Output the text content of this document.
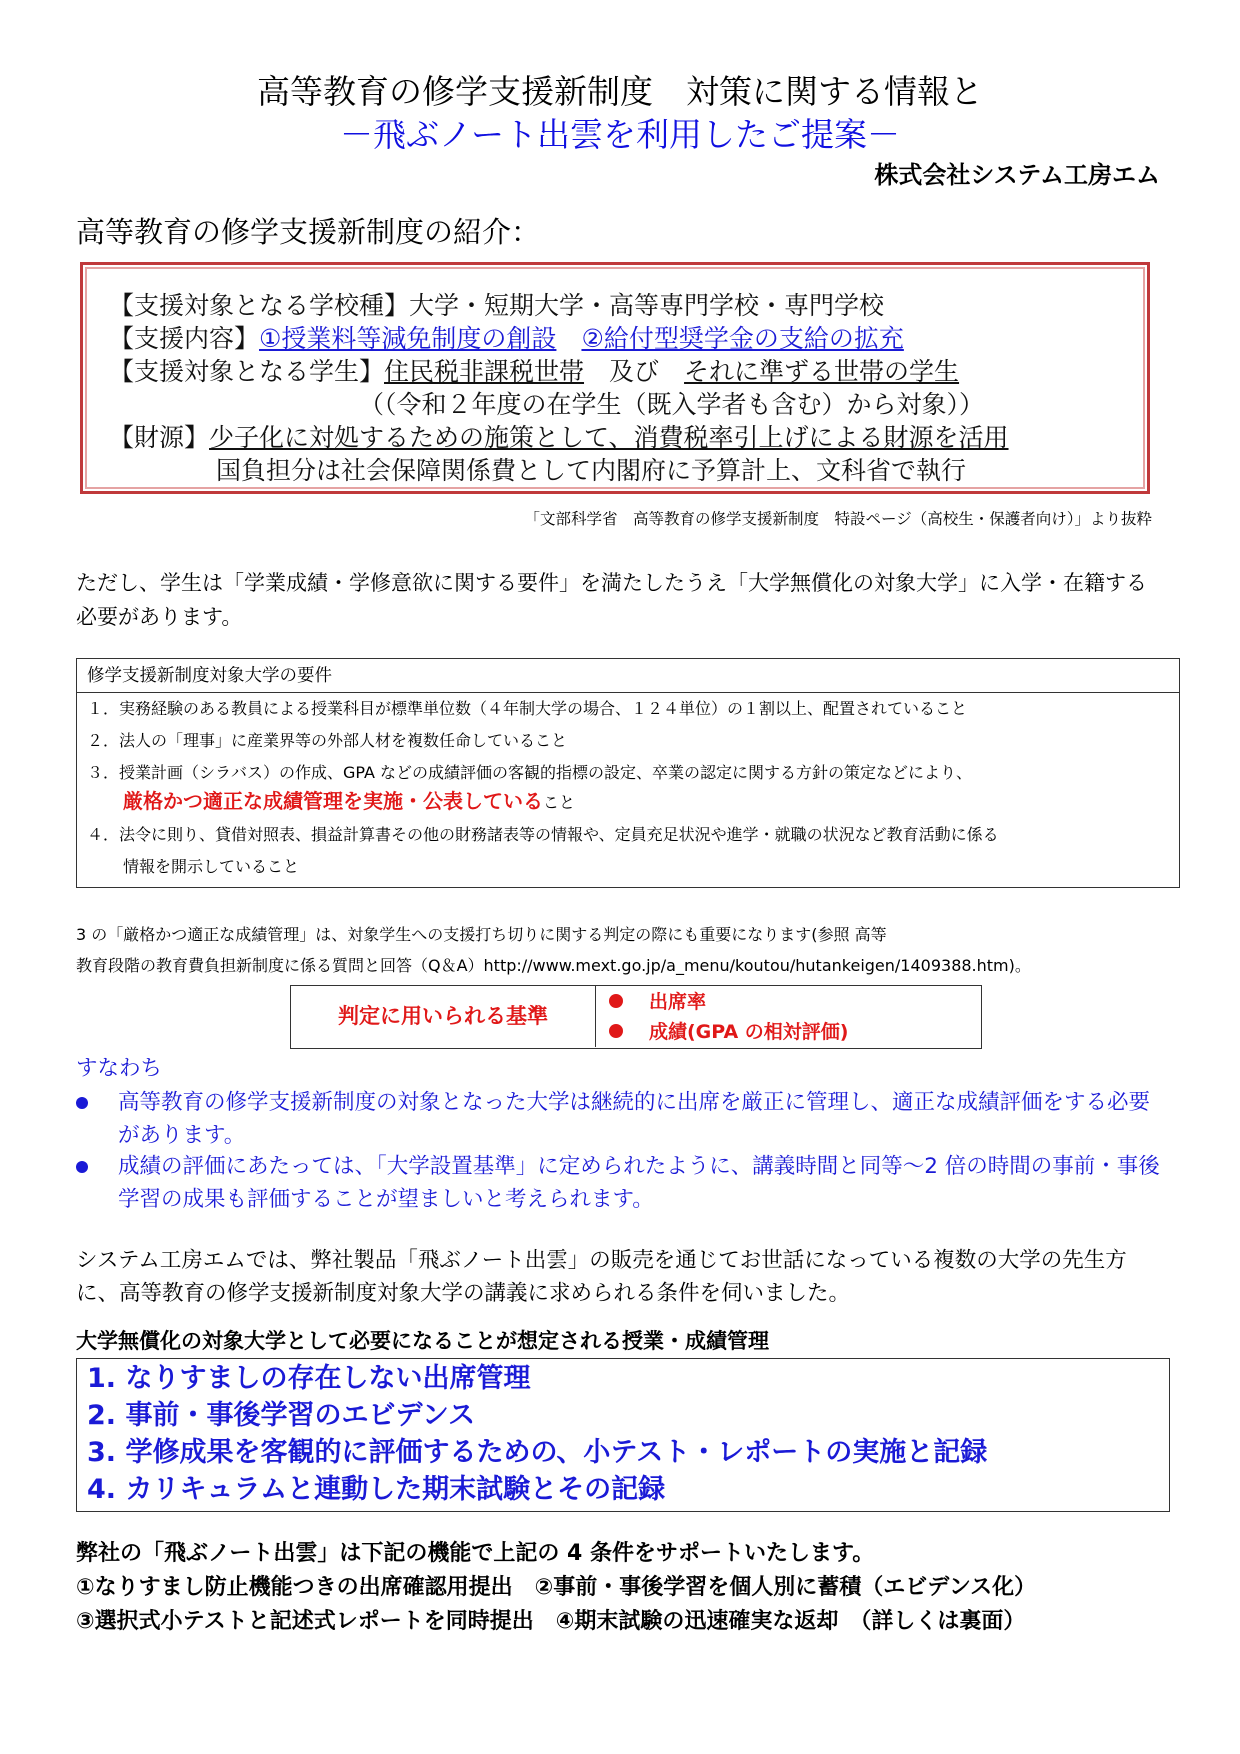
高等教育の修学支援新制度　対策に関する情報と
－飛ぶノート出雲を利用したご提案－
株式会社システム工房エム
高等教育の修学支援新制度の紹介：
【支援対象となる学校種】大学・短期大学・高等専門学校・専門学校
【支援内容】①授業料等減免制度の創設　 ②給付型奨学金の支給の拡充
【支援対象となる学生】住民税非課税世帯　及び　それに準ずる世帯の学生
（（令和２年度の在学生（既入学者も含む）から対象））
【財源】少子化に対処するための施策として、消費税率引上げによる財源を活用
国負担分は社会保障関係費として内閣府に予算計上、文科省で執行
「文部科学省　高等教育の修学支援新制度　特設ページ（高校生・保護者向け）」より抜粋
ただし、学生は「学業成績・学修意欲に関する要件」を満たしたうえ「大学無償化の対象大学」に入学・在籍する必要があります。
修学支援新制度対象大学の要件
１．実務経験のある教員による授業科目が標準単位数（４年制大学の場合、１２４単位）の１割以上、配置されていること
２．法人の「理事」に産業界等の外部人材を複数任命していること
３．授業計画（シラバス）の作成、GPA などの成績評価の客観的指標の設定、卒業の認定に関する方針の策定などにより、
厳格かつ適正な成績管理を実施・公表していること
４．法令に則り、貸借対照表、損益計算書その他の財務諸表等の情報や、定員充足状況や進学・就職の状況など教育活動に係る
情報を開示していること
3 の「厳格かつ適正な成績管理」は、対象学生への支援打ち切りに関する判定の際にも重要になります(参照 高等
教育段階の教育費負担新制度に係る質問と回答（Q＆A）http://www.mext.go.jp/a_menu/koutou/hutankeigen/1409388.htm)。
判定に用いられる基準
出席率
成績(GPA の相対評価)
すなわち
高等教育の修学支援新制度の対象となった大学は継続的に出席を厳正に管理し、適正な成績評価をする必要があります。
成績の評価にあたっては、「大学設置基準」に定められたように、講義時間と同等～2 倍の時間の事前・事後学習の成果も評価することが望ましいと考えられます。
システム工房エムでは、弊社製品「飛ぶノート出雲」の販売を通じてお世話になっている複数の大学の先生方に、高等教育の修学支援新制度対象大学の講義に求められる条件を伺いました。
大学無償化の対象大学として必要になることが想定される授業・成績管理
1. なりすましの存在しない出席管理
2. 事前・事後学習のエビデンス
3. 学修成果を客観的に評価するための、小テスト・レポートの実施と記録
4. カリキュラムと連動した期末試験とその記録
弊社の「飛ぶノート出雲」は下記の機能で上記の 4 条件をサポートいたします。
①なりすまし防止機能つきの出席確認用提出　②事前・事後学習を個人別に蓄積（エビデンス化）
③選択式小テストと記述式レポートを同時提出　④期末試験の迅速確実な返却　（詳しくは裏面）
